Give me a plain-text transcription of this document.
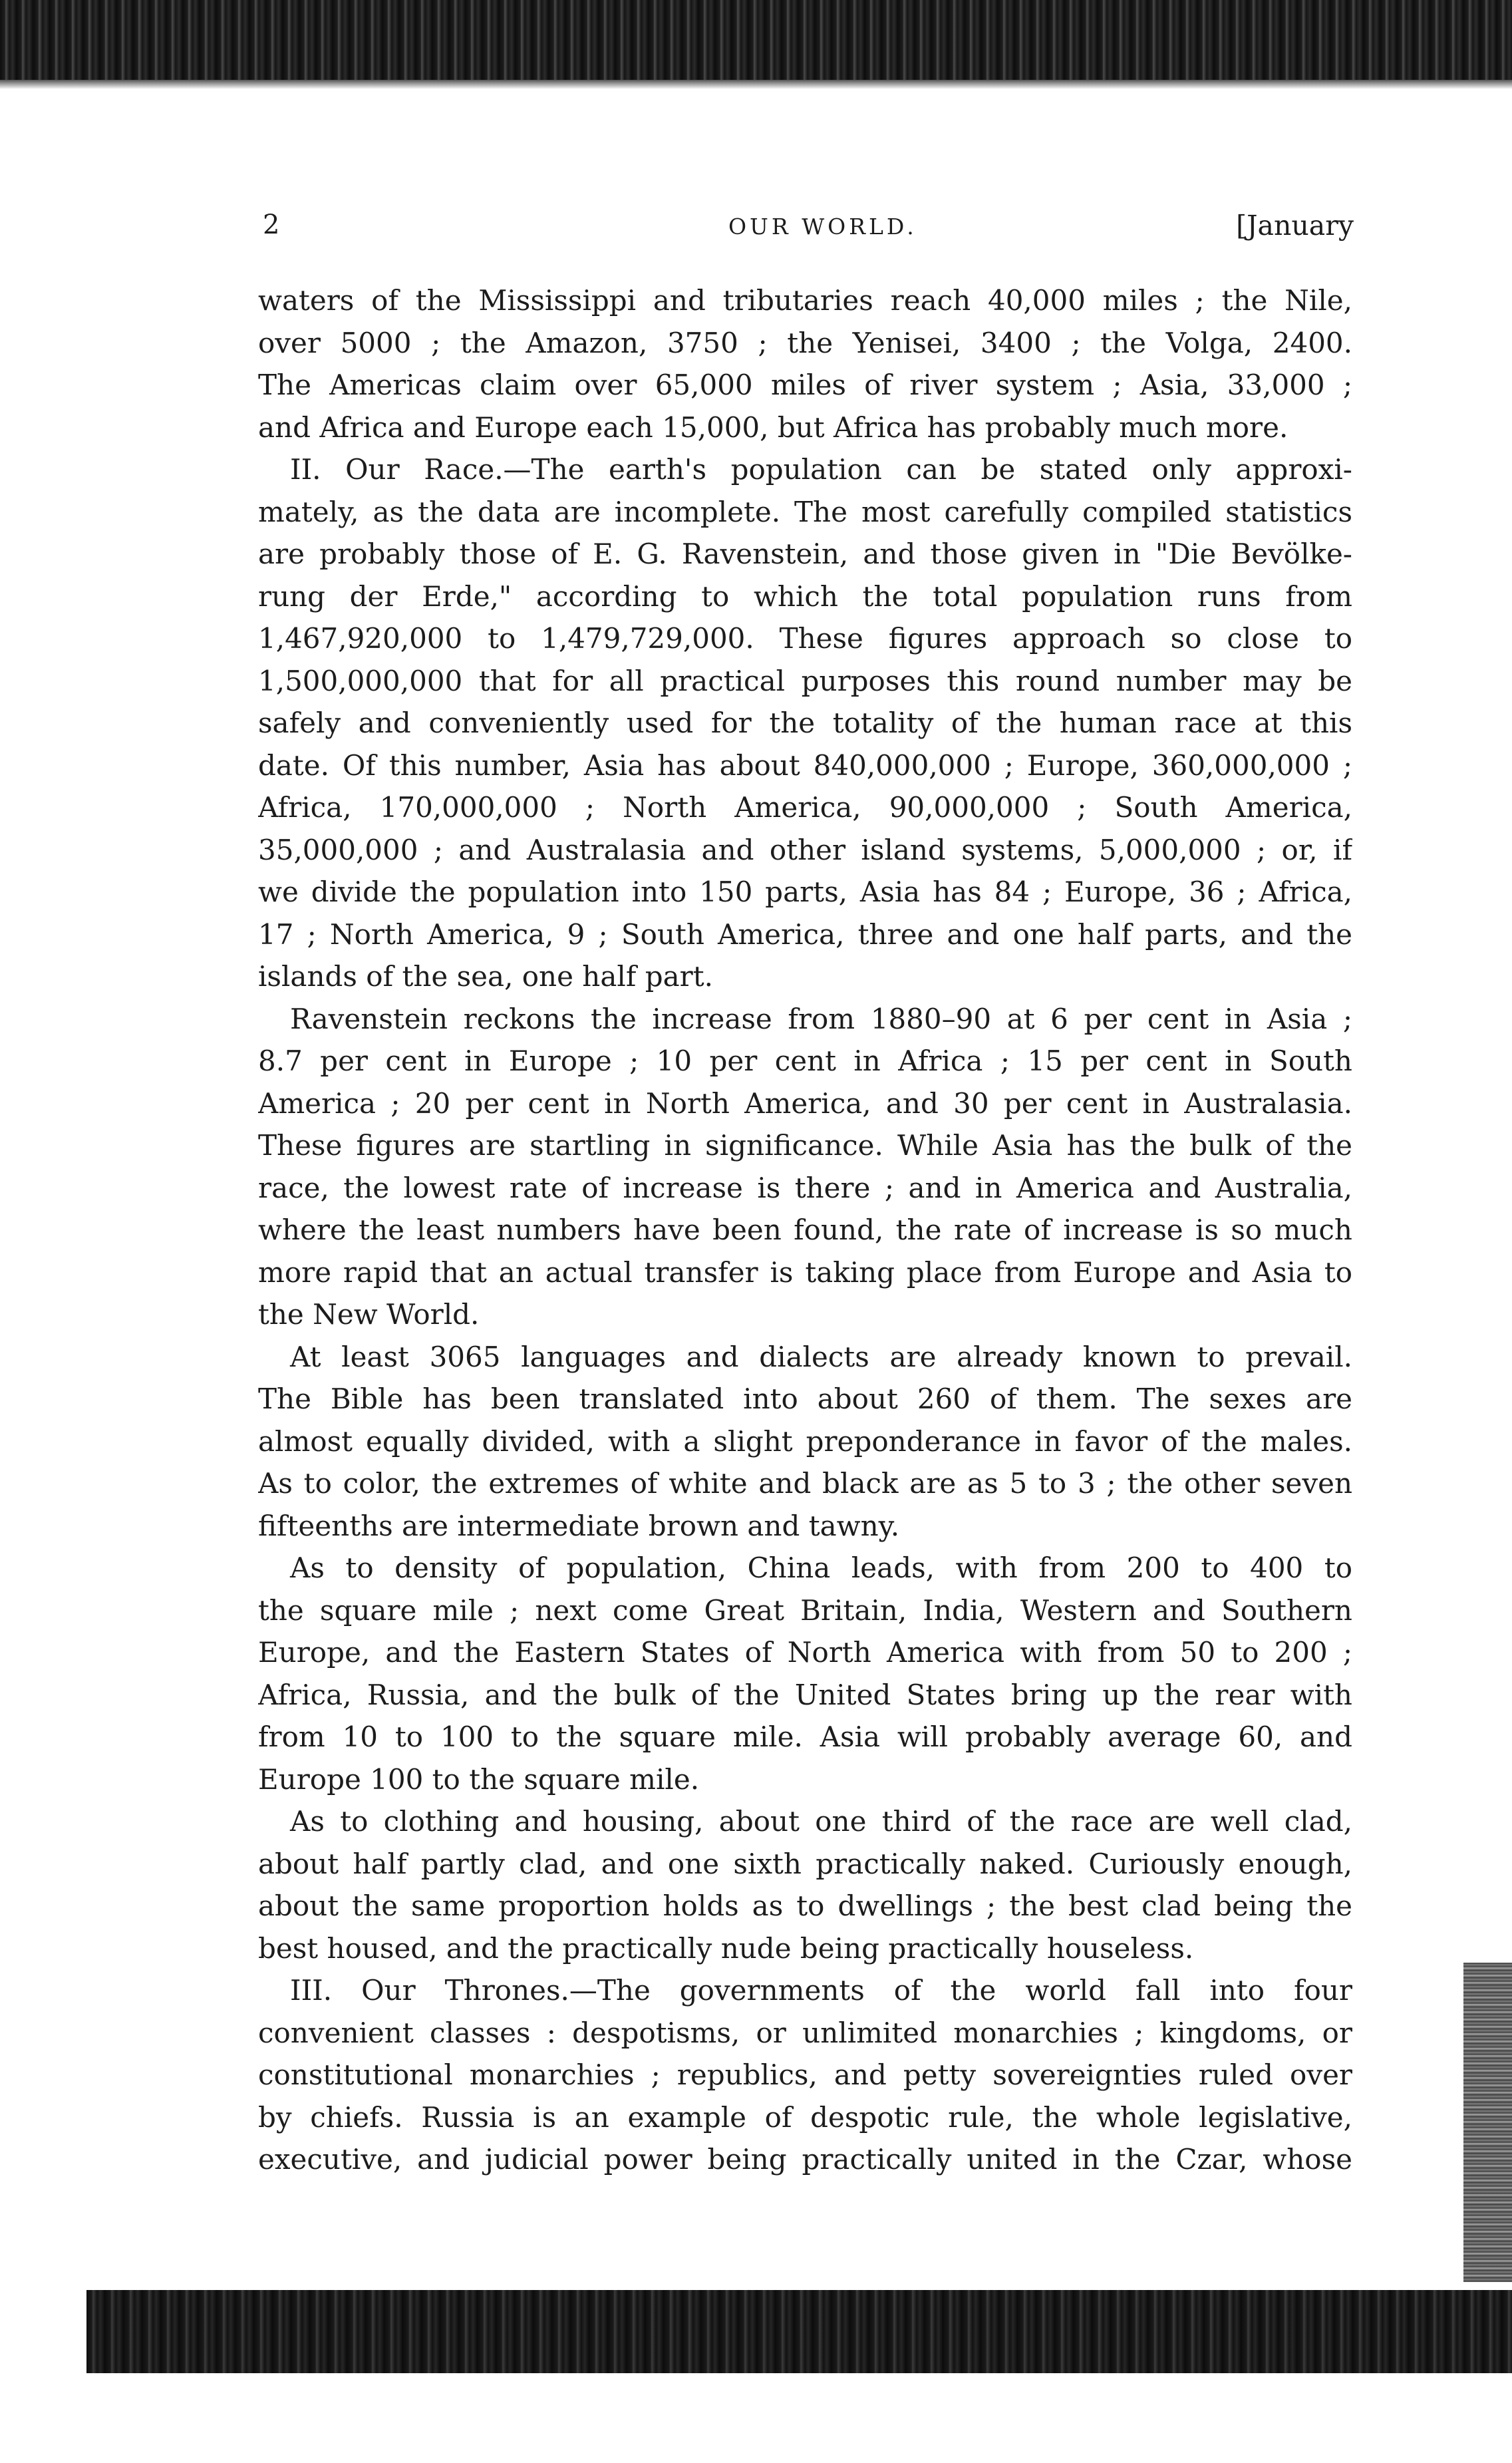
2	OUR WORLD.	[January
waters of the Mississippi and tributaries reach 40,000 miles ; the Nile,
over 5000 ; the Amazon, 3750 ; the Yenisei, 3400 ; the Volga, 2400.
The Americas claim over 65,000 miles of river system ; Asia, 33,000 ;
and Africa and Europe each 15,000, but Africa has probably much more.
II. Our Race.—The earth's population can be stated only approxi-
mately, as the data are incomplete. The most carefully compiled statistics
are probably those of E. G. Ravenstein, and those given in "Die Bevölke-
rung der Erde," according to which the total population runs from
1,467,920,000 to 1,479,729,000. These figures approach so close to
1,500,000,000 that for all practical purposes this round number may be
safely and conveniently used for the totality of the human race at this
date. Of this number, Asia has about 840,000,000 ; Europe, 360,000,000 ;
Africa, 170,000,000 ; North America, 90,000,000 ; South America,
35,000,000 ; and Australasia and other island systems, 5,000,000 ; or, if
we divide the population into 150 parts, Asia has 84 ; Europe, 36 ; Africa,
17 ; North America, 9 ; South America, three and one half parts, and the
islands of the sea, one half part.
Ravenstein reckons the increase from 1880–90 at 6 per cent in Asia ;
8.7 per cent in Europe ; 10 per cent in Africa ; 15 per cent in South
America ; 20 per cent in North America, and 30 per cent in Australasia.
These figures are startling in significance. While Asia has the bulk of the
race, the lowest rate of increase is there ; and in America and Australia,
where the least numbers have been found, the rate of increase is so much
more rapid that an actual transfer is taking place from Europe and Asia to
the New World.
At least 3065 languages and dialects are already known to prevail.
The Bible has been translated into about 260 of them. The sexes are
almost equally divided, with a slight preponderance in favor of the males.
As to color, the extremes of white and black are as 5 to 3 ; the other seven
fifteenths are intermediate brown and tawny.
As to density of population, China leads, with from 200 to 400 to
the square mile ; next come Great Britain, India, Western and Southern
Europe, and the Eastern States of North America with from 50 to 200 ;
Africa, Russia, and the bulk of the United States bring up the rear with
from 10 to 100 to the square mile. Asia will probably average 60, and
Europe 100 to the square mile.
As to clothing and housing, about one third of the race are well clad,
about half partly clad, and one sixth practically naked. Curiously enough,
about the same proportion holds as to dwellings ; the best clad being the
best housed, and the practically nude being practically houseless.
III. Our Thrones.—The governments of the world fall into four
convenient classes : despotisms, or unlimited monarchies ; kingdoms, or
constitutional monarchies ; republics, and petty sovereignties ruled over
by chiefs. Russia is an example of despotic rule, the whole legislative,
executive, and judicial power being practically united in the Czar, whose
